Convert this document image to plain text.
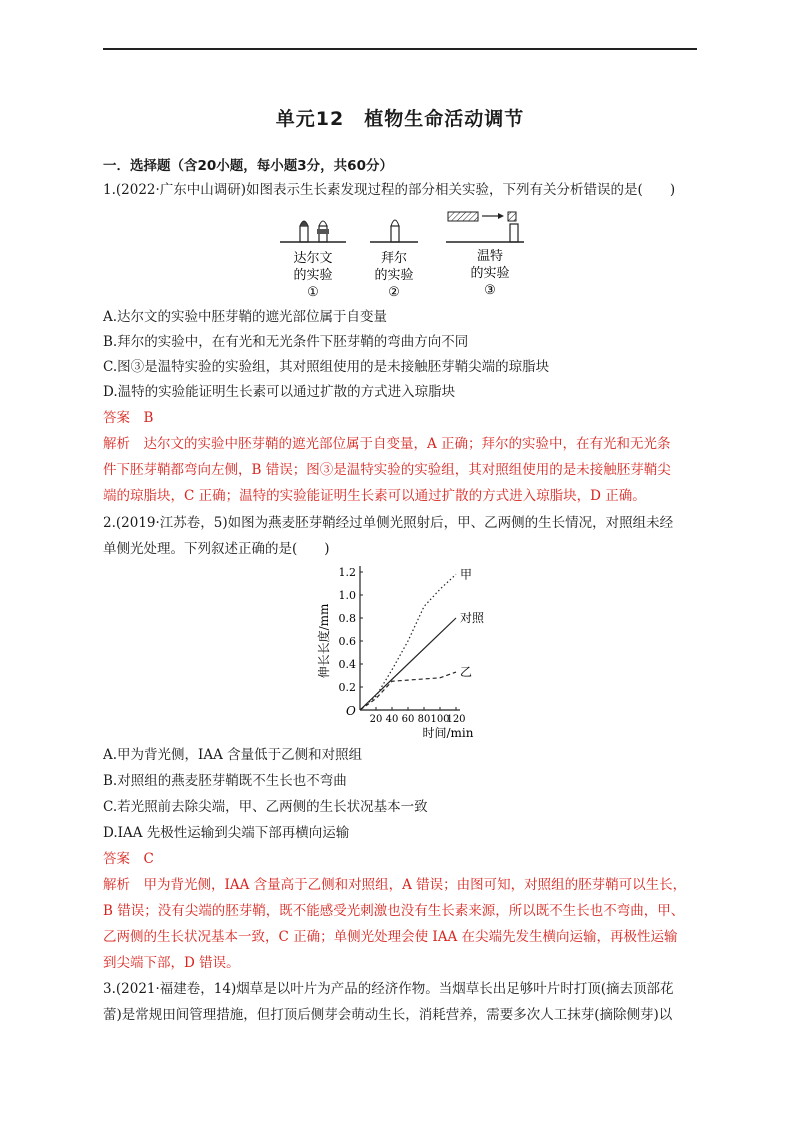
单元12　植物生命活动调节
一．选择题（含20小题，每小题3分，共60分）
1.(2022·广东中山调研)如图表示生长素发现过程的部分相关实验，下列有关分析错误的是(　　)
达尔文
的实验
①
拜尔
的实验
②
温特
的实验
③
A.达尔文的实验中胚芽鞘的遮光部位属于自变量
B.拜尔的实验中，在有光和无光条件下胚芽鞘的弯曲方向不同
C.图③是温特实验的实验组，其对照组使用的是未接触胚芽鞘尖端的琼脂块
D.温特的实验能证明生长素可以通过扩散的方式进入琼脂块
答案　B
解析　达尔文的实验中胚芽鞘的遮光部位属于自变量，A 正确；拜尔的实验中，在有光和无光条
件下胚芽鞘都弯向左侧，B 错误；图③是温特实验的实验组，其对照组使用的是未接触胚芽鞘尖
端的琼脂块，C 正确；温特的实验能证明生长素可以通过扩散的方式进入琼脂块，D 正确。
2.(2019·江苏卷，5)如图为燕麦胚芽鞘经过单侧光照射后，甲、乙两侧的生长情况，对照组未经
单侧光处理。下列叙述正确的是(　　)
0.2
0.4
0.6
0.8
1.0
1.2
20 40 60 80 100
120
甲
对照
乙
伸长长度/mm
时间/min
O
A.甲为背光侧，IAA 含量低于乙侧和对照组
B.对照组的燕麦胚芽鞘既不生长也不弯曲
C.若光照前去除尖端，甲、乙两侧的生长状况基本一致
D.IAA 先极性运输到尖端下部再横向运输
答案　C
解析　甲为背光侧，IAA 含量高于乙侧和对照组，A 错误；由图可知，对照组的胚芽鞘可以生长，
B 错误；没有尖端的胚芽鞘，既不能感受光刺激也没有生长素来源，所以既不生长也不弯曲，甲、
乙两侧的生长状况基本一致，C 正确；单侧光处理会使 IAA 在尖端先发生横向运输，再极性运输
到尖端下部，D 错误。
3.(2021·福建卷，14)烟草是以叶片为产品的经济作物。当烟草长出足够叶片时打顶(摘去顶部花
蕾)是常规田间管理措施，但打顶后侧芽会萌动生长，消耗营养，需要多次人工抹芽(摘除侧芽)以
